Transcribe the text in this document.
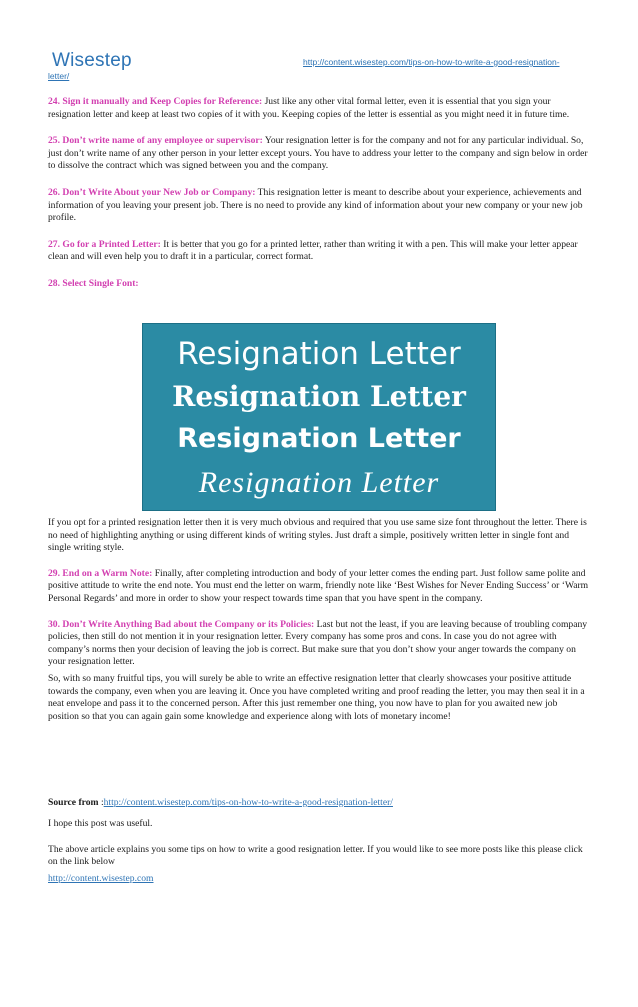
Wisestep	http://content.wisestep.com/tips-on-how-to-write-a-good-resignation-
letter/

24. Sign it manually and Keep Copies for Reference: Just like any other vital formal letter, even it is essential that you sign your resignation letter and keep at least two copies of it with you. Keeping copies of the letter is essential as you might need it in future time.

25. Don’t write name of any employee or supervisor: Your resignation letter is for the company and not for any particular individual. So, just don’t write name of any other person in your letter except yours. You have to address your letter to the company and sign below in order to dissolve the contract which was signed between you and the company.

26. Don’t Write About your New Job or Company: This resignation letter is meant to describe about your experience, achievements and information of you leaving your present job. There is no need to provide any kind of information about your new company or your new job profile.

27. Go for a Printed Letter: It is better that you go for a printed letter, rather than writing it with a pen. This will make your letter appear clean and will even help you to draft it in a particular, correct format.

28. Select Single Font:

Resignation Letter
Resignation Letter
Resignation Letter
Resignation Letter

If you opt for a printed resignation letter then it is very much obvious and required that you use same size font throughout the letter. There is no need of highlighting anything or using different kinds of writing styles. Just draft a simple, positively written letter in single font and single writing style.

29. End on a Warm Note: Finally, after completing introduction and body of your letter comes the ending part. Just follow same polite and positive attitude to write the end note. You must end the letter on warm, friendly note like ‘Best Wishes for Never Ending Success’ or ‘Warm Personal Regards’ and more in order to show your respect towards time span that you have spent in the company.

30. Don’t Write Anything Bad about the Company or its Policies: Last but not the least, if you are leaving because of troubling company policies, then still do not mention it in your resignation letter. Every company has some pros and cons. In case you do not agree with company’s norms then your decision of leaving the job is correct. But make sure that you don’t show your anger towards the company on your resignation letter.

So, with so many fruitful tips, you will surely be able to write an effective resignation letter that clearly showcases your positive attitude towards the company, even when you are leaving it. Once you have completed writing and proof reading the letter, you may then seal it in a neat envelope and pass it to the concerned person. After this just remember one thing, you now have to plan for you awaited new job position so that you can again gain some knowledge and experience along with lots of monetary income!

Source from :http://content.wisestep.com/tips-on-how-to-write-a-good-resignation-letter/

I hope this post was useful.

The above article explains you some tips on how to write a good resignation letter. If you would like to see more posts like this please click on the link below

http://content.wisestep.com
